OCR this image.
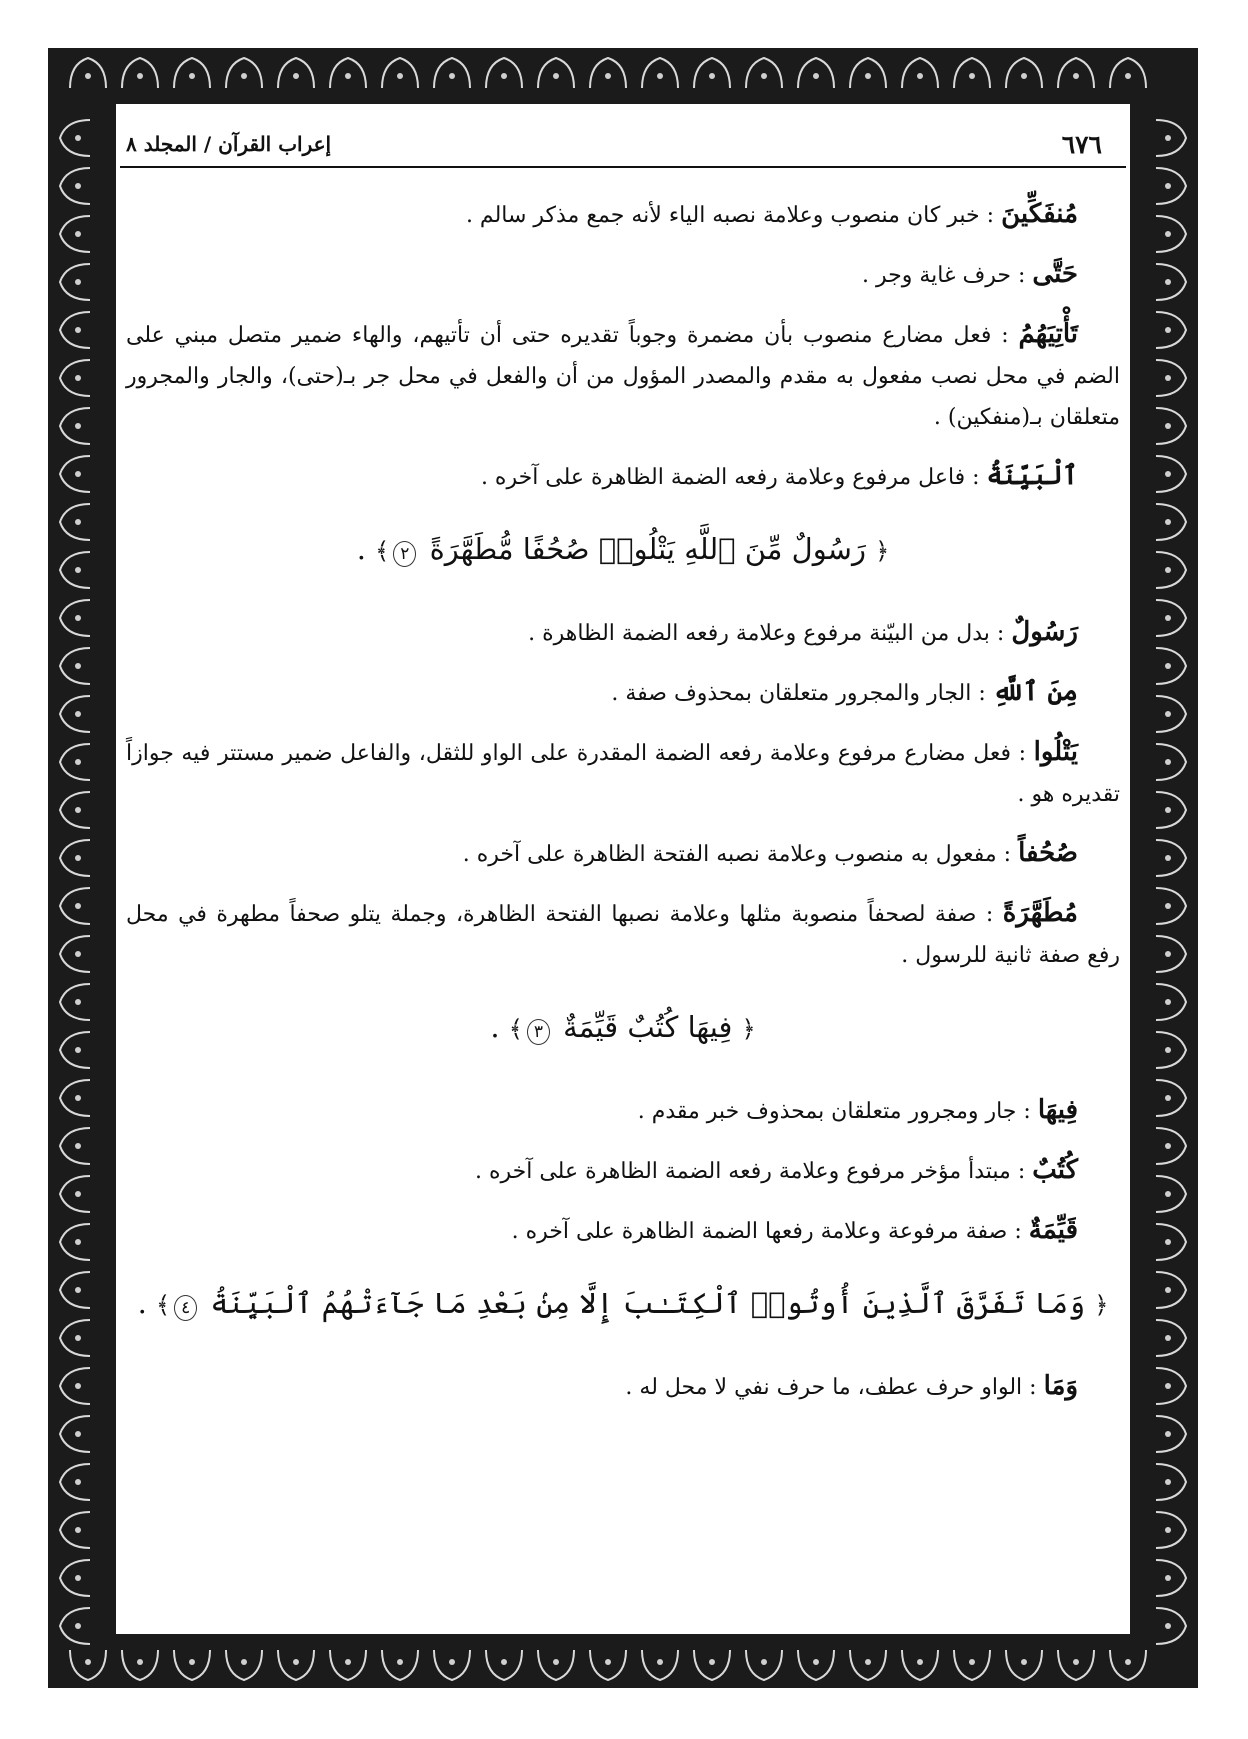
٦٧٦
إعراب القرآن / المجلد ٨
مُنفَكِّينَ : خبر كان منصوب وعلامة نصبه الياء لأنه جمع مذكر سالم .
حَتَّى : حرف غاية وجر .
تَأْتِيَهُمُ : فعل مضارع منصوب بأن مضمرة وجوباً تقديره حتى أن تأتيهم، والهاء ضمير متصل مبني على الضم في محل نصب مفعول به مقدم والمصدر المؤول من أن والفعل في محل جر بـ(حتى)، والجار والمجرور متعلقان بـ(منفكين) .
ٱلْبَيِّنَةُ : فاعل مرفوع وعلامة رفعه الضمة الظاهرة على آخره .
﴿ رَسُولٌ مِّنَ ٱللَّهِ يَتْلُوا۟ صُحُفًا مُّطَهَّرَةً ٢﴾ .
رَسُولٌ : بدل من البيّنة مرفوع وعلامة رفعه الضمة الظاهرة .
مِنَ ٱللَّهِ : الجار والمجرور متعلقان بمحذوف صفة .
يَتْلُوا : فعل مضارع مرفوع وعلامة رفعه الضمة المقدرة على الواو للثقل، والفاعل ضمير مستتر فيه جوازاً تقديره هو .
صُحُفاً : مفعول به منصوب وعلامة نصبه الفتحة الظاهرة على آخره .
مُطَهَّرَةً : صفة لصحفاً منصوبة مثلها وعلامة نصبها الفتحة الظاهرة، وجملة يتلو صحفاً مطهرة في محل رفع صفة ثانية للرسول .
﴿ فِيهَا كُتُبٌ قَيِّمَةٌ ٣﴾ .
فِيهَا : جار ومجرور متعلقان بمحذوف خبر مقدم .
كُتُبٌ : مبتدأ مؤخر مرفوع وعلامة رفعه الضمة الظاهرة على آخره .
قَيِّمَةٌ : صفة مرفوعة وعلامة رفعها الضمة الظاهرة على آخره .
﴿ وَمَا تَفَرَّقَ ٱلَّذِينَ أُوتُوا۟ ٱلْكِتَـٰبَ إِلَّا مِنۢ بَعْدِ مَا جَآءَتْهُمُ ٱلْبَيِّنَةُ ٤﴾ .
وَمَا : الواو حرف عطف، ما حرف نفي لا محل له .
